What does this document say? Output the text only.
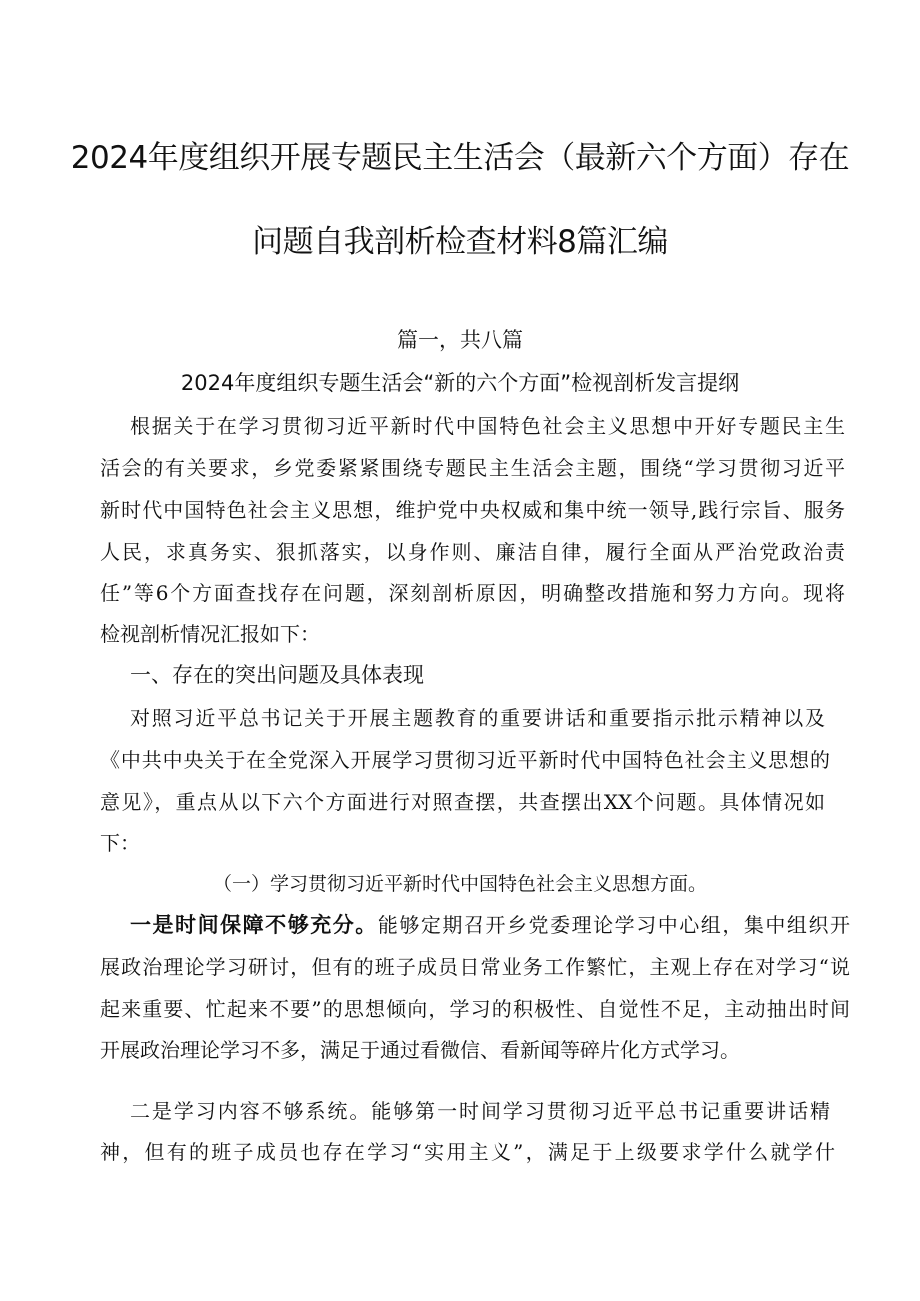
2024年度组织开展专题民主生活会（最新六个方面）存在
问题自我剖析检查材料8篇汇编
篇一，共八篇
2024年度组织专题生活会“新的六个方面”检视剖析发言提纲
根据关于在学习贯彻习近平新时代中国特色社会主义思想中开好专题民主生
活会的有关要求，乡党委紧紧围绕专题民主生活会主题，围绕“学习贯彻习近平
新时代中国特色社会主义思想，维护党中央权威和集中统一领导,践行宗旨、服务
人民，求真务实、狠抓落实，以身作则、廉洁自律，履行全面从严治党政治责
任”等6个方面查找存在问题，深刻剖析原因，明确整改措施和努力方向。现将
检视剖析情况汇报如下：
一、存在的突出问题及具体表现
对照习近平总书记关于开展主题教育的重要讲话和重要指示批示精神以及
《中共中央关于在全党深入开展学习贯彻习近平新时代中国特色社会主义思想的
意见》，重点从以下六个方面进行对照查摆，共查摆出XX个问题。具体情况如
下：
（一）学习贯彻习近平新时代中国特色社会主义思想方面。
一是时间保障不够充分。能够定期召开乡党委理论学习中心组，集中组织开
展政治理论学习研讨，但有的班子成员日常业务工作繁忙，主观上存在对学习“说
起来重要、忙起来不要”的思想倾向，学习的积极性、自觉性不足，主动抽出时间
开展政治理论学习不多，满足于通过看微信、看新闻等碎片化方式学习。
二是学习内容不够系统。能够第一时间学习贯彻习近平总书记重要讲话精
神，但有的班子成员也存在学习“实用主义”，满足于上级要求学什么就学什
